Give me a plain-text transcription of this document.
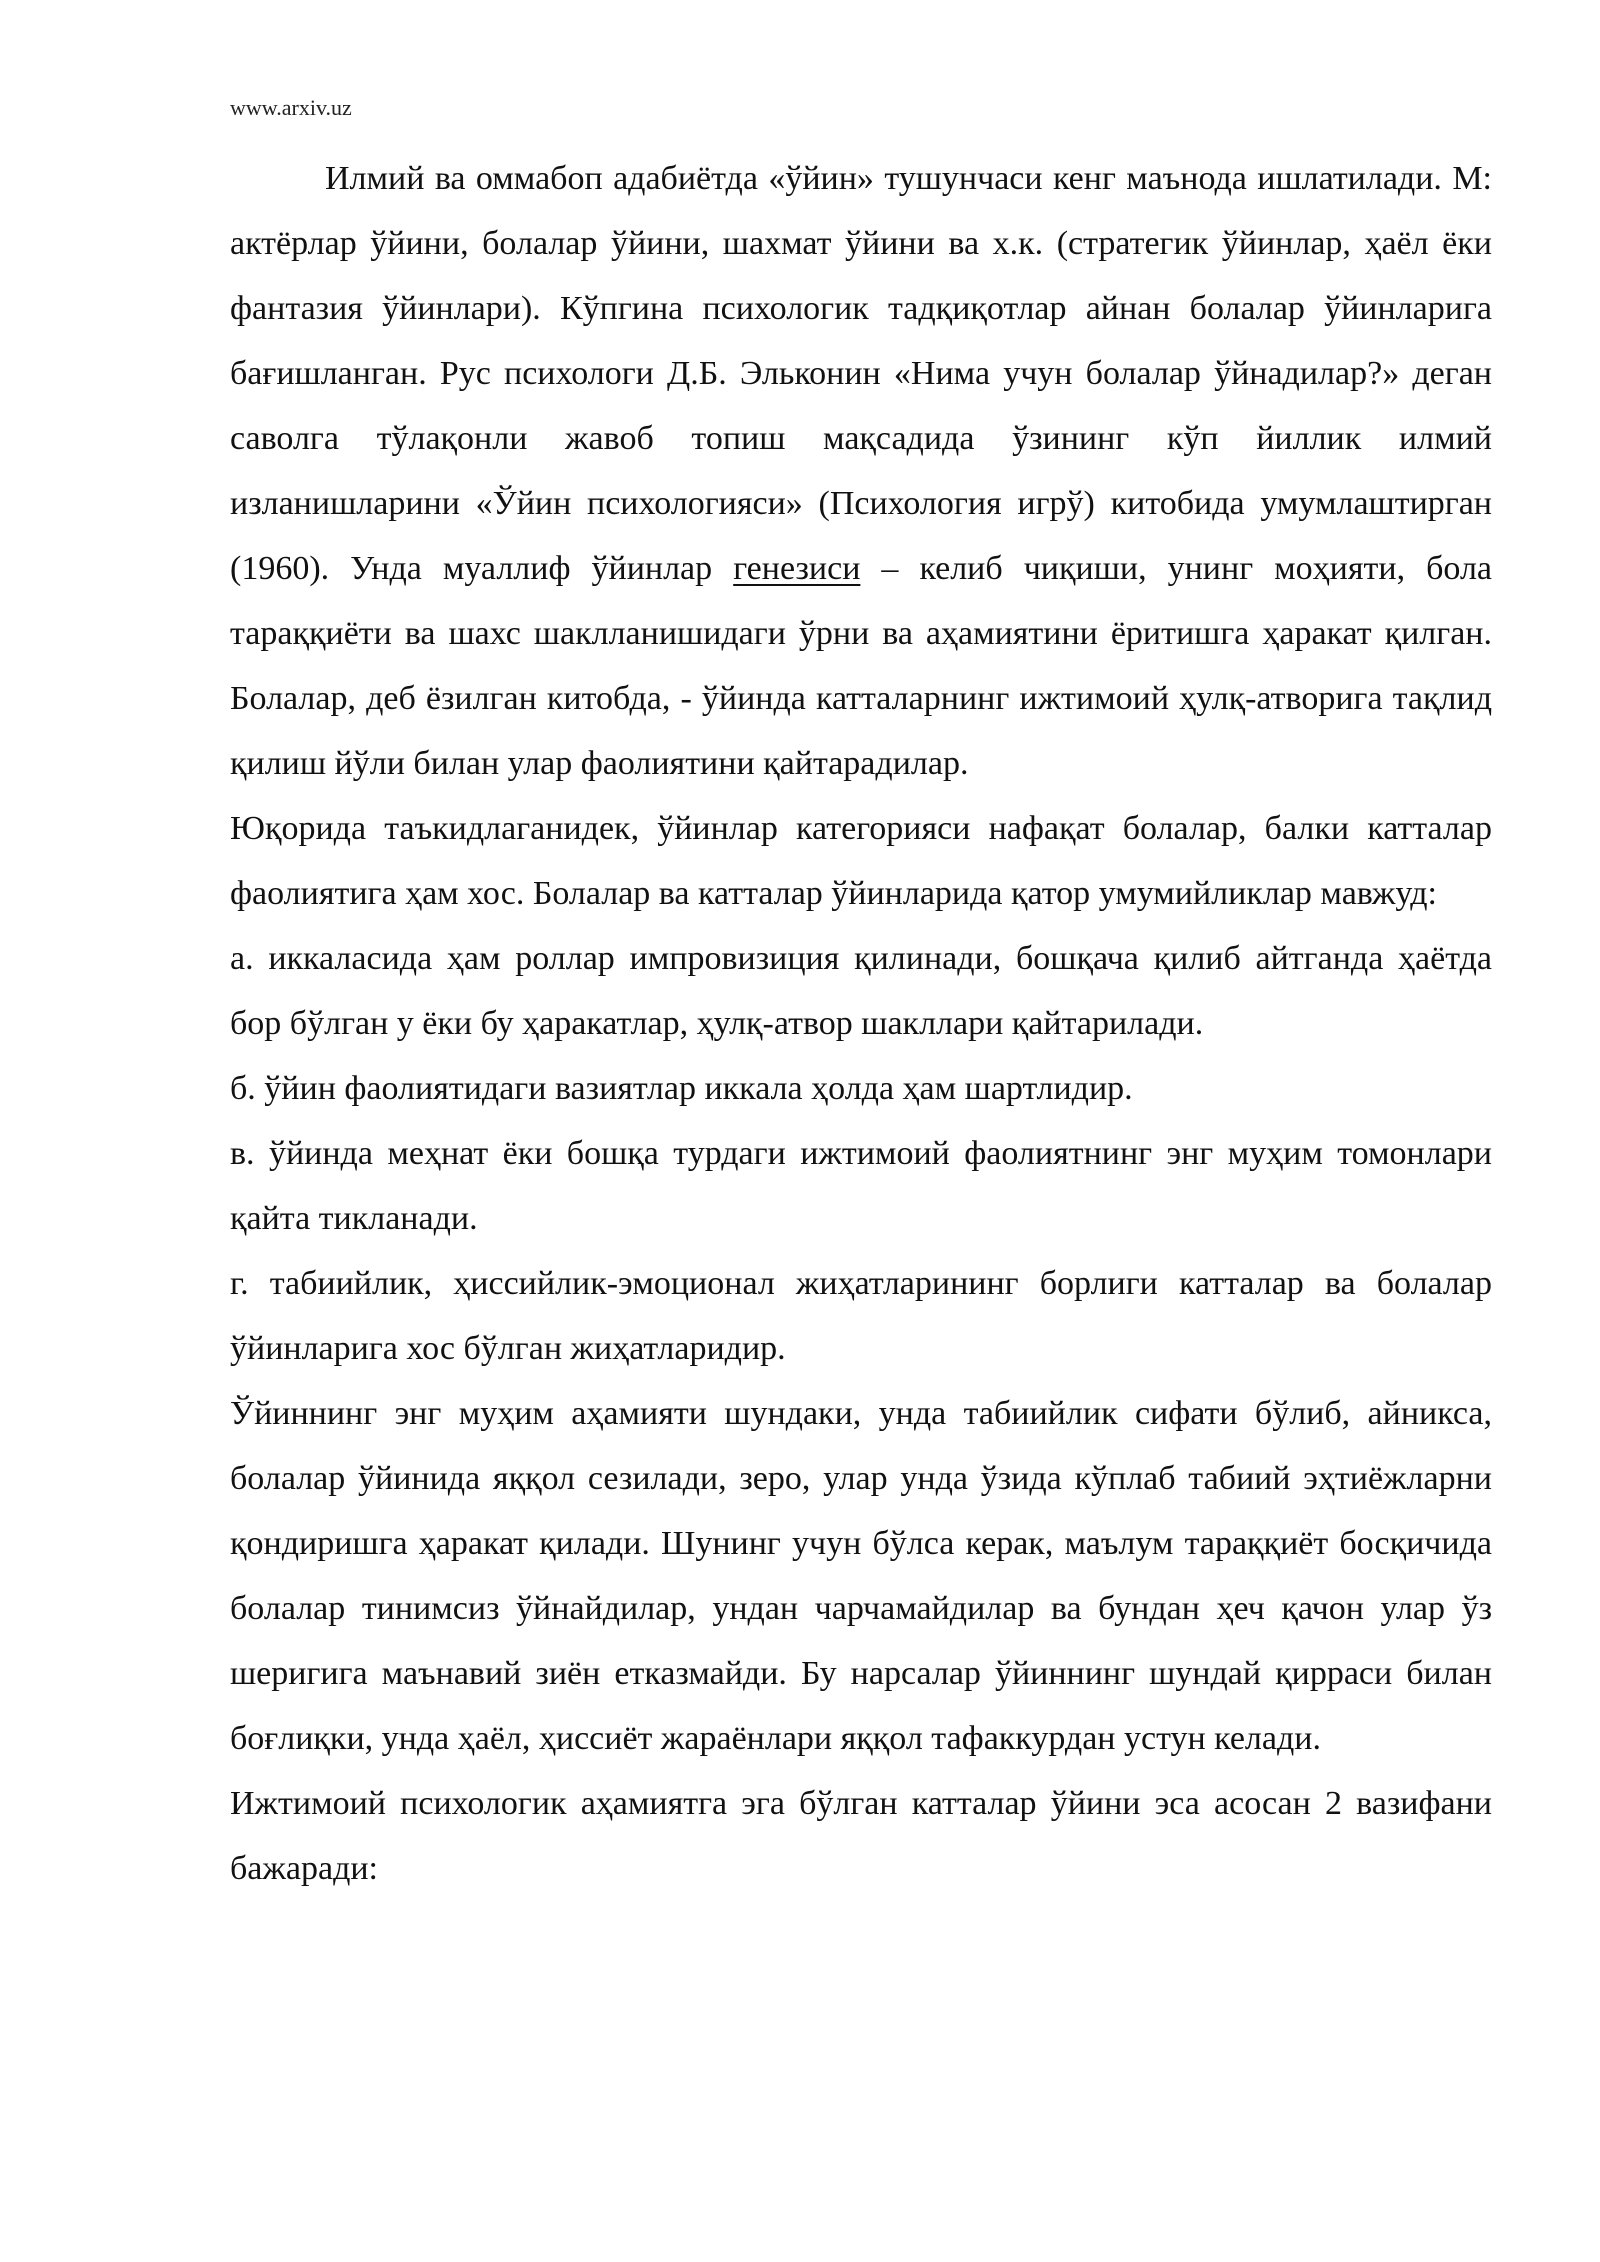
www.arxiv.uz

Илмий ва оммабоп адабиётда «ўйин» тушунчаси кенг маънода ишлатилади. М: актёрлар ўйини, болалар ўйини, шахмат ўйини ва х.к. (стратегик ўйинлар, ҳаёл ёки фантазия ўйинлари). Кўпгина психологик тадқиқотлар айнан болалар ўйинларига бағишланган. Рус психологи Д.Б. Эльконин «Нима учун болалар ўйнадилар?» деган саволга тўлақонли жавоб топиш мақсадида ўзининг кўп йиллик илмий изланишларини «Ўйин психологияси» (Психология игрў) китобида умумлаштирган (1960). Унда муаллиф ўйинлар генезиси – келиб чиқиши, унинг моҳияти, бола тараққиёти ва шахс шаклланишидаги ўрни ва аҳамиятини ёритишга ҳаракат қилган. Болалар, деб ёзилган китобда, - ўйинда катталарнинг ижтимоий ҳулқ-атворига тақлид қилиш йўли билан улар фаолиятини қайтарадилар.

Юқорида таъкидлаганидек, ўйинлар категорияси нафақат болалар, балки катталар фаолиятига ҳам хос. Болалар ва катталар ўйинларида қатор умумийликлар мавжуд:

а. иккаласида ҳам роллар импровизиция қилинади, бошқача қилиб айтганда ҳаётда бор бўлган у ёки бу ҳаракатлар, ҳулқ-атвор шакллари қайтарилади.

б. ўйин фаолиятидаги вазиятлар иккала ҳолда ҳам шартлидир.

в. ўйинда меҳнат ёки бошқа турдаги ижтимоий фаолиятнинг энг муҳим томонлари қайта тикланади.

г. табиийлик, ҳиссийлик-эмоционал жиҳатларининг борлиги катталар ва болалар ўйинларига хос бўлган жиҳатларидир.

Ўйиннинг энг муҳим аҳамияти шундаки, унда табиийлик сифати бўлиб, айникса, болалар ўйинида яққол сезилади, зеро, улар унда ўзида кўплаб табиий эҳтиёжларни қондиришга ҳаракат қилади. Шунинг учун бўлса керак, маълум тараққиёт босқичида болалар тинимсиз ўйнайдилар, ундан чарчамайдилар ва бундан ҳеч қачон улар ўз шеригига маънавий зиён етказмайди. Бу нарсалар ўйиннинг шундай қирраси билан боғлиқки, унда ҳаёл, ҳиссиёт жараёнлари яққол тафаккурдан устун келади.

Ижтимоий психологик аҳамиятга эга бўлган катталар ўйини эса асосан 2 вазифани бажаради:
